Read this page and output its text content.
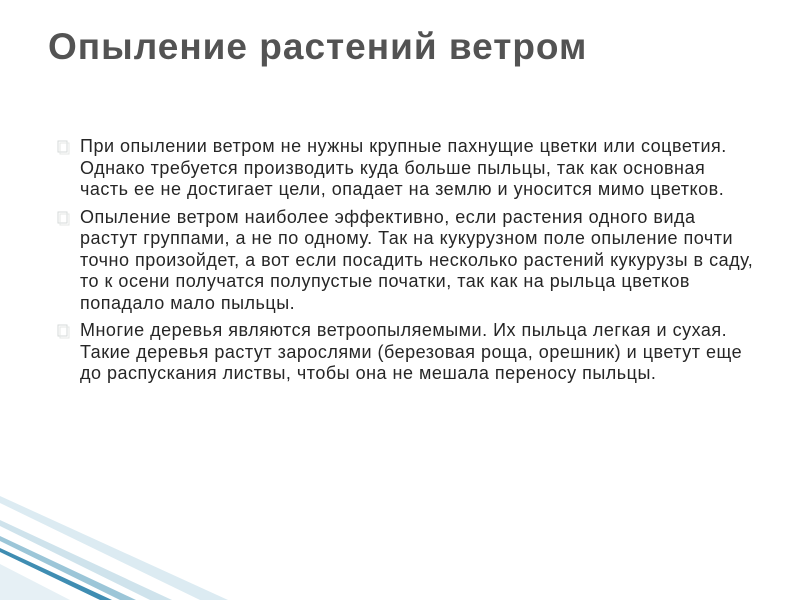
Опыление растений ветром
При опылении ветром не нужны крупные пахнущие цветки или соцветия. Однако требуется производить куда больше пыльцы, так как основная часть ее не достигает цели, опадает на землю и уносится мимо цветков.
Опыление ветром наиболее эффективно, если растения одного вида растут группами, а не по одному. Так на кукурузном поле опыление почти точно произойдет, а вот если посадить несколько растений кукурузы в саду, то к осени получатся полупустые початки, так как на рыльца цветков попадало мало пыльцы.
Многие деревья являются ветроопыляемыми. Их пыльца легкая и сухая. Такие деревья растут зарослями (березовая роща, орешник) и цветут еще до распускания листвы, чтобы она не мешала переносу пыльцы.
